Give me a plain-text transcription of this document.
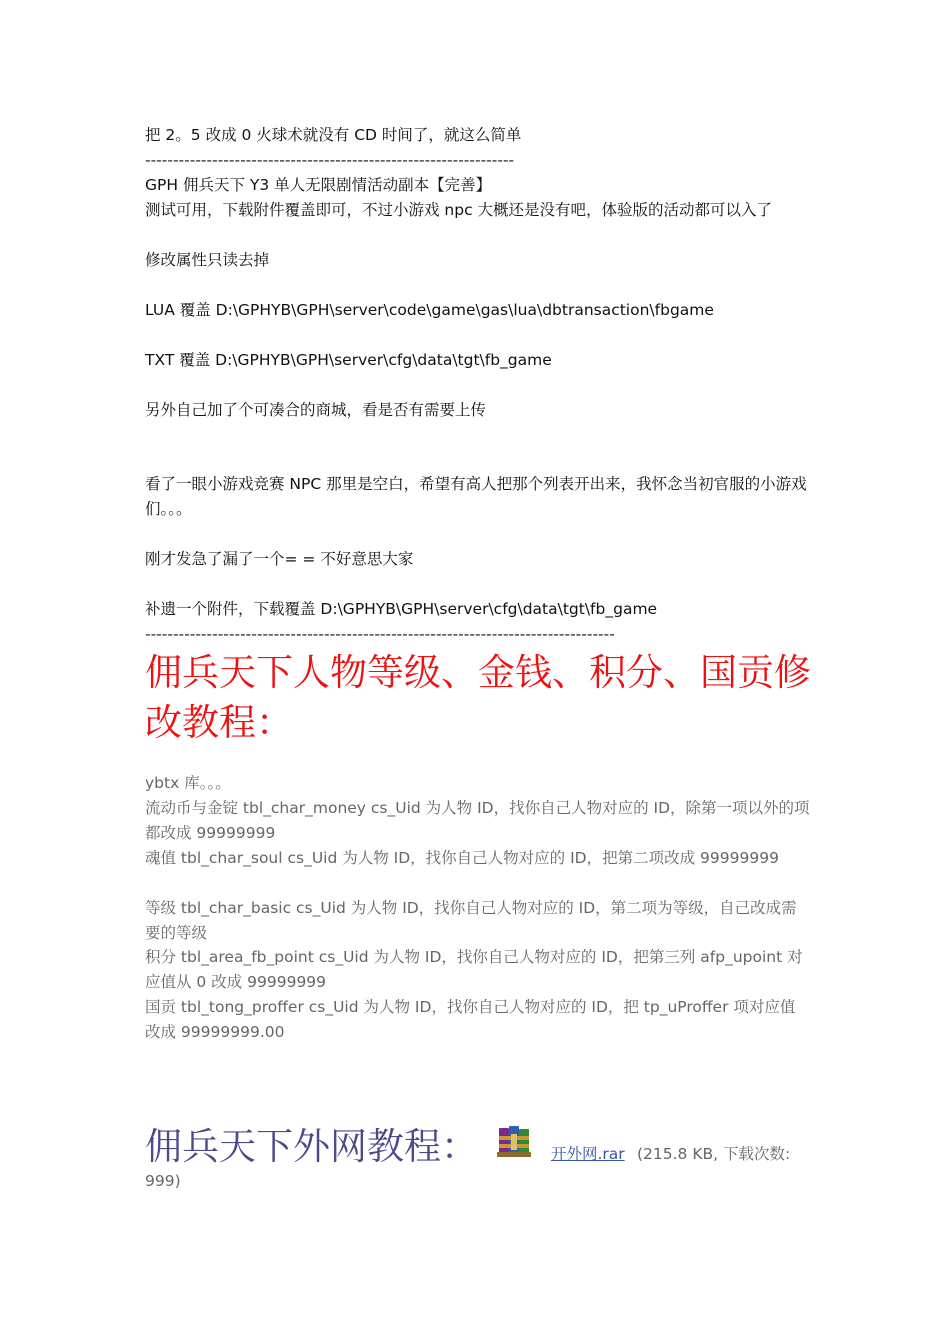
把 2。5 改成 0 火球术就没有 CD 时间了，就这么简单
------------------------------------------------------------------
GPH 佣兵天下 Y3 单人无限剧情活动副本【完善】
测试可用，下载附件覆盖即可，不过小游戏 npc 大概还是没有吧，体验版的活动都可以入了
修改属性只读去掉
LUA 覆盖 D:\GPHYB\GPH\server\code\game\gas\lua\dbtransaction\fbgame
TXT 覆盖 D:\GPHYB\GPH\server\cfg\data\tgt\fb_game
另外自己加了个可凑合的商城，看是否有需要上传
看了一眼小游戏竞赛 NPC 那里是空白，希望有高人把那个列表开出来，我怀念当初官服的小游戏们。。。
刚才发急了漏了一个= = 不好意思大家
补遗一个附件，下载覆盖 D:\GPHYB\GPH\server\cfg\data\tgt\fb_game
------------------------------------------------------------------------------------
佣兵天下人物等级、金钱、积分、国贡修改教程：
ybtx 库。。。
流动币与金锭 tbl_char_money cs_Uid 为人物 ID，找你自己人物对应的 ID，除第一项以外的项都改成 99999999
魂值 tbl_char_soul cs_Uid 为人物 ID，找你自己人物对应的 ID，把第二项改成 99999999
等级 tbl_char_basic cs_Uid 为人物 ID，找你自己人物对应的 ID，第二项为等级，自己改成需要的等级
积分 tbl_area_fb_point cs_Uid 为人物 ID，找你自己人物对应的 ID，把第三列 afp_upoint 对应值从 0 改成 99999999
国贡 tbl_tong_proffer cs_Uid 为人物 ID，找你自己人物对应的 ID，把 tp_uProffer 项对应值改成 99999999.00
佣兵天下外网教程：	开外网.rar (215.8 KB, 下载次数:
999)
